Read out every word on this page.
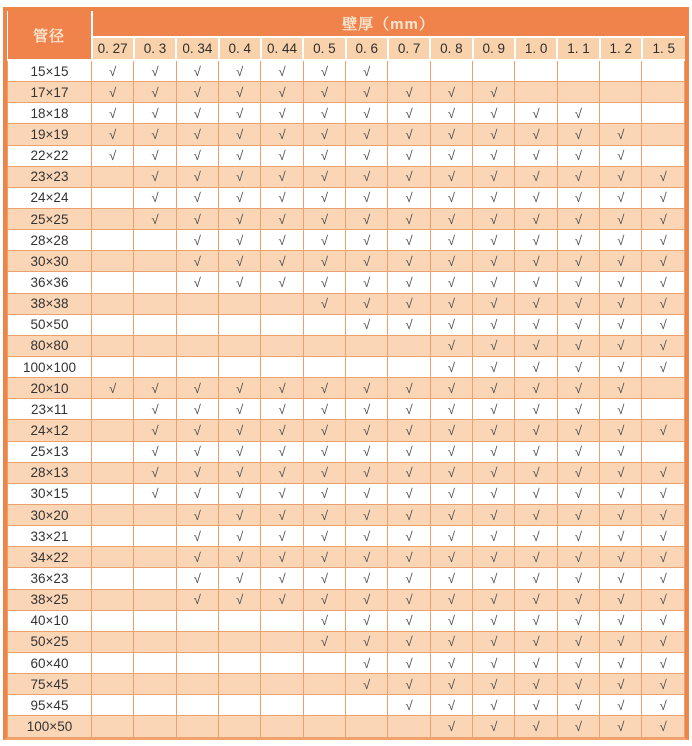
管径	壁厚（mm）													
	0. 27	0. 3	0. 34	0. 4	0. 44	0. 5	0. 6	0. 7	0. 8	0. 9	1. 0	1. 1	1. 2	1. 5
15×15	√	√	√	√	√	√	√							
17×17	√	√	√	√	√	√	√	√	√	√				
18×18	√	√	√	√	√	√	√	√	√	√	√	√		
19×19	√	√	√	√	√	√	√	√	√	√	√	√	√	
22×22	√	√	√	√	√	√	√	√	√	√	√	√	√	
23×23		√	√	√	√	√	√	√	√	√	√	√	√	√
24×24		√	√	√	√	√	√	√	√	√	√	√	√	√
25×25		√	√	√	√	√	√	√	√	√	√	√	√	√
28×28			√	√	√	√	√	√	√	√	√	√	√	√
30×30			√	√	√	√	√	√	√	√	√	√	√	√
36×36			√	√	√	√	√	√	√	√	√	√	√	√
38×38						√	√	√	√	√	√	√	√	√
50×50							√	√	√	√	√	√	√	√
80×80									√	√	√	√	√	√
100×100									√	√	√	√	√	√
20×10	√	√	√	√	√	√	√	√	√	√	√	√	√	
23×11		√	√	√	√	√	√	√	√	√	√	√	√	
24×12		√	√	√	√	√	√	√	√	√	√	√	√	√
25×13		√	√	√	√	√	√	√	√	√	√	√	√	
28×13		√	√	√	√	√	√	√	√	√	√	√	√	√
30×15		√	√	√	√	√	√	√	√	√	√	√	√	√
30×20			√	√	√	√	√	√	√	√	√	√	√	√
33×21			√	√	√	√	√	√	√	√	√	√	√	√
34×22			√	√	√	√	√	√	√	√	√	√	√	√
36×23			√	√	√	√	√	√	√	√	√	√	√	√
38×25			√	√	√	√	√	√	√	√	√	√	√	√
40×10						√	√	√	√	√	√	√	√	√
50×25						√	√	√	√	√	√	√	√	√
60×40							√	√	√	√	√	√	√	√
75×45							√	√	√	√	√	√	√	√
95×45								√	√	√	√	√	√	√
100×50									√	√	√	√	√	√
